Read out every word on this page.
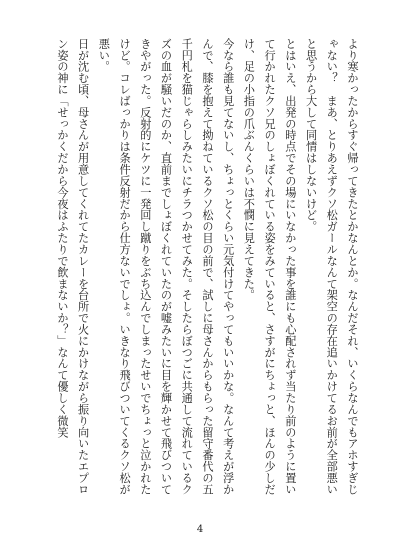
より寒かったからすぐ帰ってきたとかなんとか。なんだそれ、いくらなんでもアホすぎじゃない？　まあ、とりあえずクソ松ガールなんて架空の存在追いかけてるお前が全部悪いと思うから大して同情はしないけど。

とはいえ、出発の時点でその場にいなかった事を誰にも心配されず当たり前のように置いて行かれたクソ兄のしょぼくれている姿をみていると、さすがにちょっと、ほんの少しだけ、足の小指の爪ぶんくらいは不憫に見えてきた。

今なら誰も見てないし、ちょっとくらい元気付けてやってもいいかな。なんて考えが浮かんで、膝を抱えて拗ねているクソ松の目の前で、試しに母さんからもらった留守番代の五千円札を猫じゃらしみたいにチラつかせてみた。そしたらぼつごに共通して流れているクズの血が騒いだのか、直前までしょぼくれていたのが嘘みたいに目を輝かせて飛びついてきやがった。反射的にケツに一発回し蹴りをぶち込んでしまったせいでちょっと泣かれたけど。コレばっかりは条件反射だから仕方ないでしょ。いきなり飛びついてくるクソ松が悪い。

日が沈む頃、母さんが用意してくれてたカレーを台所で火にかけながら振り向いたエプロン姿の神に「せっかくだから今夜はふたりで飲まないか？」なんて優しく微笑

4
